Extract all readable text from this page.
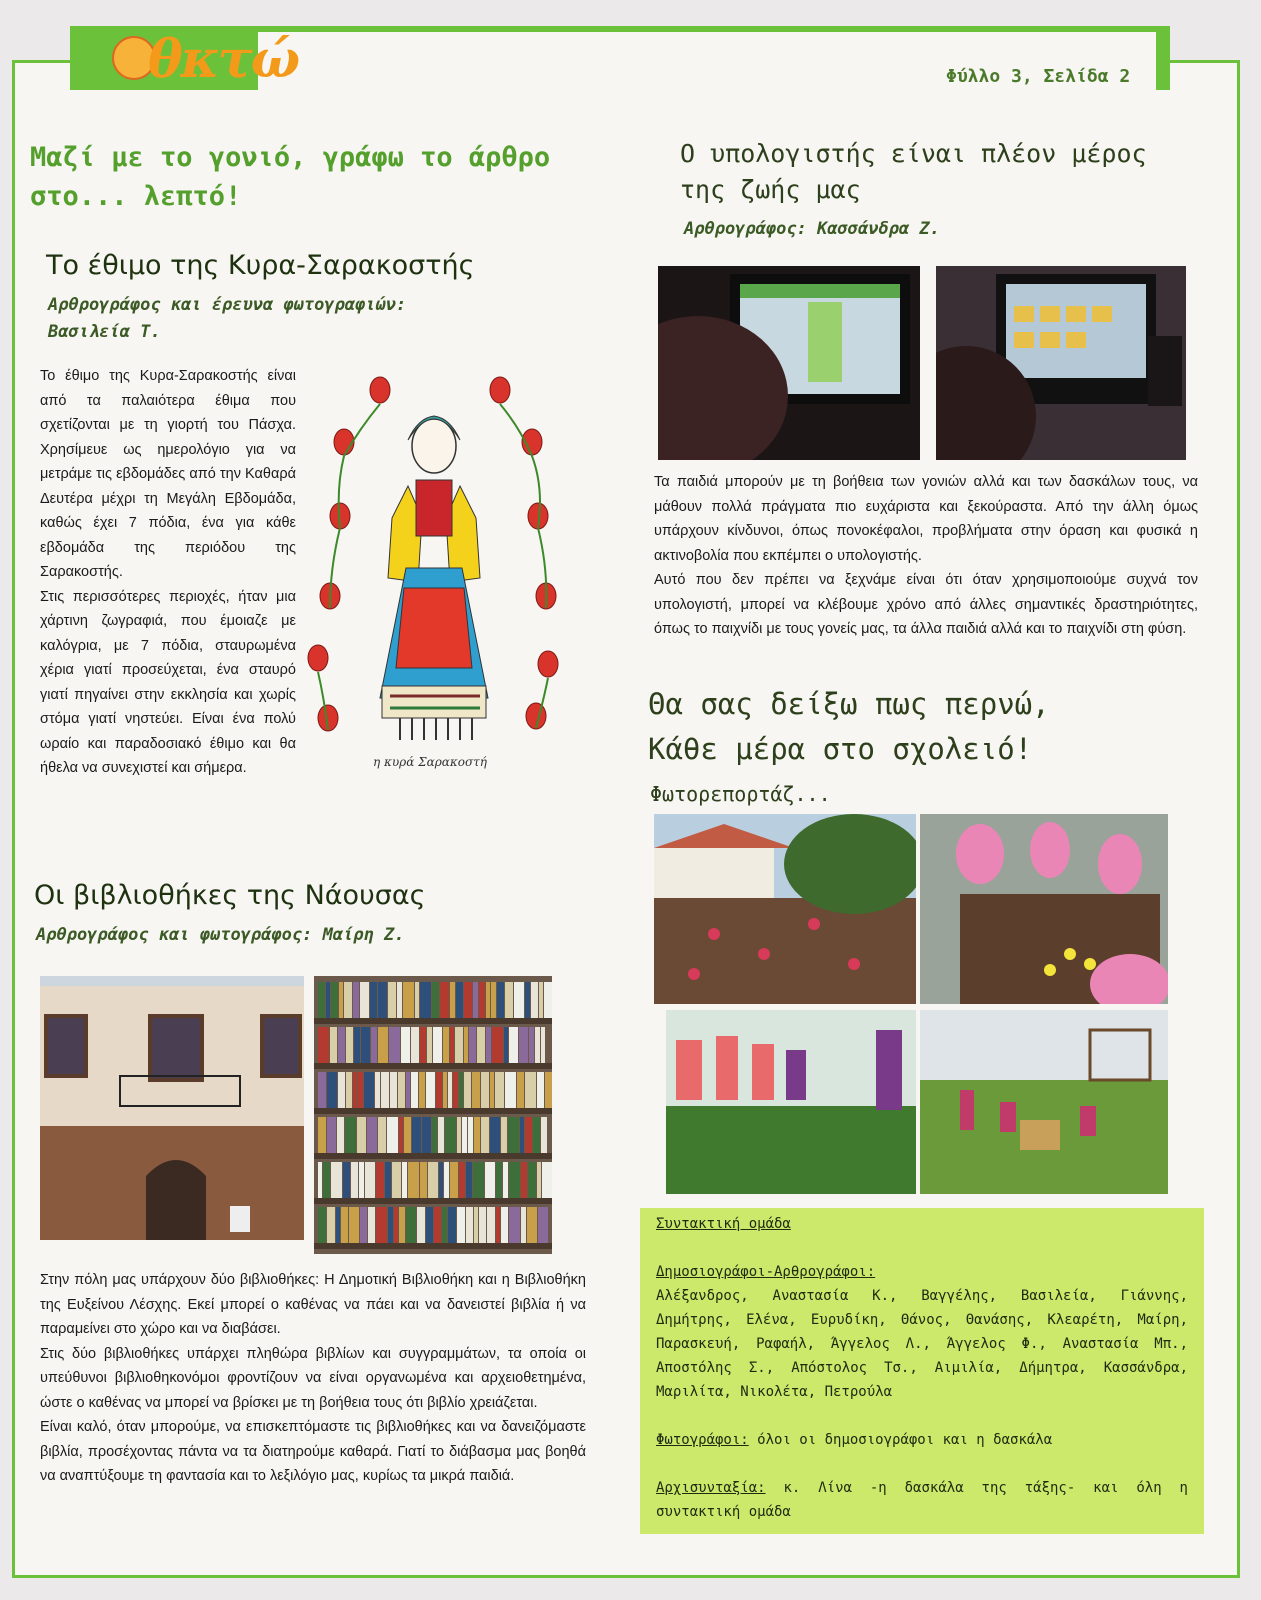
θκτώ	Φύλλο 3, Σελίδα 2
Μαζί με το γονιό, γράφω το άρθρο στο... λεπτό!
Το έθιμο της Κυρα-Σαρακοστής
Αρθρογράφος και έρευνα φωτογραφιών: Βασιλεία Τ.

Το έθιμο της Κυρα-Σαρακοστής είναι από τα παλαιότερα έθιμα που σχετίζονται με τη γιορτή του Πάσχα. Χρησίμευε ως ημερολόγιο για να μετράμε τις εβδομάδες από την Καθαρά Δευτέρα μέχρι τη Μεγάλη Εβδομάδα, καθώς έχει 7 πόδια, ένα για κάθε εβδομάδα της περιόδου της Σαρακοστής.

Στις περισσότερες περιοχές, ήταν μια χάρτινη ζωγραφιά, που έμοιαζε με καλόγρια, με 7 πόδια, σταυρωμένα χέρια γιατί προσεύχεται, ένα σταυρό γιατί πηγαίνει στην εκκλησία και χωρίς στόμα γιατί νηστεύει. Είναι ένα πολύ ωραίο και παραδοσιακό έθιμο και θα ήθελα να συνεχιστεί και σήμερα.	η κυρά Σαρακοστή
Οι βιβλιοθήκες της Νάουσας
Αρθρογράφος και φωτογράφος: Μαίρη Ζ.

Στην πόλη μας υπάρχουν δύο βιβλιοθήκες: Η Δημοτική Βιβλιοθήκη και η Βιβλιοθήκη της Ευξείνου Λέσχης. Εκεί μπορεί ο καθένας να πάει και να δανειστεί βιβλία ή να παραμείνει στο χώρο και να διαβάσει.

Στις δύο βιβλιοθήκες υπάρχει πληθώρα βιβλίων και συγγραμμάτων, τα οποία οι υπεύθυνοι βιβλιοθηκονόμοι φροντίζουν να είναι οργανωμένα και αρχειοθετημένα, ώστε ο καθένας να μπορεί να βρίσκει με τη βοήθεια τους ότι βιβλίο χρειάζεται.

Είναι καλό, όταν μπορούμε, να επισκεπτόμαστε τις βιβλιοθήκες και να δανειζόμαστε βιβλία, προσέχοντας πάντα να τα διατηρούμε καθαρά. Γιατί το διάβασμα μας βοηθά να αναπτύξουμε τη φαντασία και το λεξιλόγιο μας, κυρίως τα μικρά παιδιά.

Ο υπολογιστής είναι πλέον μέρος της ζωής μας
Αρθρογράφος: Κασσάνδρα Ζ.

Τα παιδιά μπορούν με τη βοήθεια των γονιών αλλά και των δασκάλων τους, να μάθουν πολλά πράγματα πιο ευχάριστα και ξεκούραστα. Από την άλλη όμως υπάρχουν κίνδυνοι, όπως πονοκέφαλοι, προβλήματα στην όραση και φυσικά η ακτινοβολία που εκπέμπει ο υπολογιστής.

Αυτό που δεν πρέπει να ξεχνάμε είναι ότι όταν χρησιμοποιούμε συχνά τον υπολογιστή, μπορεί να κλέβουμε χρόνο από άλλες σημαντικές δραστηριότητες, όπως το παιχνίδι με τους γονείς μας, τα άλλα παιδιά αλλά και το παιχνίδι στη φύση.

Θα σας δείξω πως περνώ,
Κάθε μέρα στο σχολειό!
Φωτορεπορτάζ...
Συντακτική ομάδα
Δημοσιογράφοι-Αρθρογράφοι:
Αλέξανδρος, Αναστασία Κ., Βαγγέλης, Βασιλεία, Γιάννης, Δημήτρης, Ελένα, Ευρυδίκη, Θάνος, Θανάσης, Κλεαρέτη, Μαίρη, Παρασκευή, Ραφαήλ, Άγγελος Λ., Άγγελος Φ., Αναστασία Μπ., Αποστόλης Σ., Απόστολος Τσ., Αιμιλία, Δήμητρα, Κασσάνδρα, Μαριλίτα, Νικολέτα, Πετρούλα
Φωτογράφοι: όλοι οι δημοσιογράφοι και η δασκάλα
Αρχισυνταξία: κ. Λίνα -η δασκάλα της τάξης- και όλη η συντακτική ομάδα
